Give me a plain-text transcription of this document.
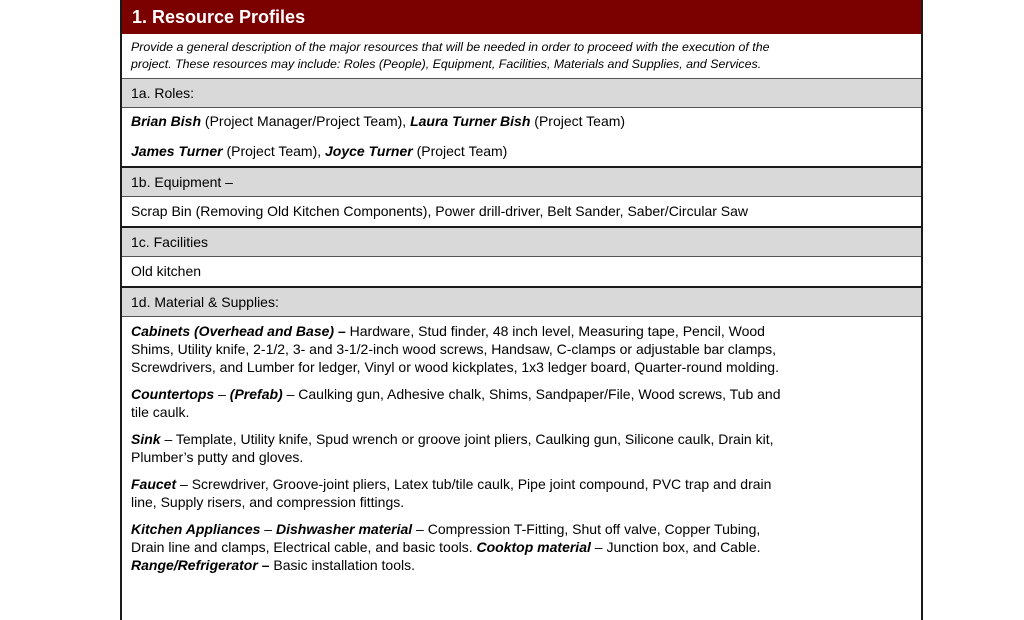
1. Resource Profiles
Provide a general description of the major resources that will be needed in order to proceed with the execution of the
project. These resources may include: Roles (People), Equipment, Facilities, Materials and Supplies, and Services.
1a. Roles:
Brian Bish (Project Manager/Project Team), Laura Turner Bish (Project Team)
James Turner (Project Team), Joyce Turner (Project Team)
1b. Equipment –
Scrap Bin (Removing Old Kitchen Components), Power drill-driver, Belt Sander, Saber/Circular Saw
1c. Facilities
Old kitchen
1d. Material & Supplies:
Cabinets (Overhead and Base) – Hardware, Stud finder, 48 inch level, Measuring tape, Pencil, Wood
Shims, Utility knife, 2-1/2, 3- and 3-1/2-inch wood screws, Handsaw, C-clamps or adjustable bar clamps,
Screwdrivers, and Lumber for ledger, Vinyl or wood kickplates, 1x3 ledger board, Quarter-round molding.
Countertops – (Prefab) – Caulking gun, Adhesive chalk, Shims, Sandpaper/File, Wood screws, Tub and
tile caulk.
Sink – Template, Utility knife, Spud wrench or groove joint pliers, Caulking gun, Silicone caulk, Drain kit,
Plumber’s putty and gloves.
Faucet – Screwdriver, Groove-joint pliers, Latex tub/tile caulk, Pipe joint compound, PVC trap and drain
line, Supply risers, and compression fittings.
Kitchen Appliances – Dishwasher material – Compression T-Fitting, Shut off valve, Copper Tubing,
Drain line and clamps, Electrical cable, and basic tools. Cooktop material – Junction box, and Cable.
Range/Refrigerator – Basic installation tools.
